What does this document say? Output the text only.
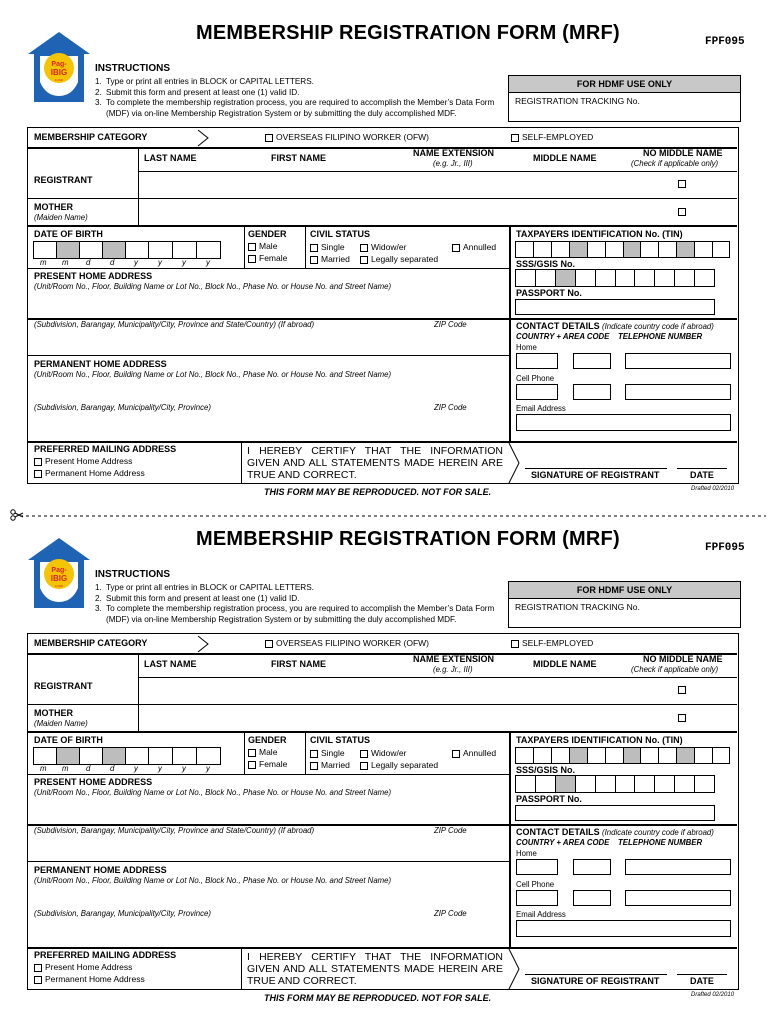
Pag-
IBIG
FUND
MEMBERSHIP REGISTRATION FORM (MRF)	FPF095
INSTRUCTIONS
1. Type or print all entries in BLOCK or CAPITAL LETTERS.
2. Submit this form and present at least one (1) valid ID.
3. To complete the membership registration process, you are required to accomplish the Member’s Data Form (MDF) via on-line Membership Registration System or by submitting the duly accomplished MDF.
FOR HDMF USE ONLY
REGISTRATION TRACKING No.
MEMBERSHIP CATEGORY	OVERSEAS FILIPINO WORKER (OFW)	SELF-EMPLOYED
LAST NAME	FIRST NAME	NAME EXTENSION
(e.g. Jr., III)
MIDDLE NAME	NO MIDDLE NAME
(Check if applicable only)
REGISTRANT
MOTHER
(Maiden Name)
DATE OF BIRTH
m m d	d	y	y	y	y
GENDER
Male
Female
CIVIL STATUS
Single	Widow/er	Annulled
Married	Legally separated
TAXPAYERS IDENTIFICATION No. (TIN)
SSS/GSIS No.
PASSPORT No.
PRESENT HOME ADDRESS
(Unit/Room No., Floor, Building Name or Lot No., Block No., Phase No. or House No. and Street Name)
(Subdivision, Barangay, Municipality/City, Province and State/Country) (If abroad)	ZIP Code	CONTACT DETAILS (Indicate country code if abroad)
COUNTRY + AREA CODE TELEPHONE NUMBER
Home
Cell Phone
Email Address
PERMANENT HOME ADDRESS
(Unit/Room No., Floor, Building Name or Lot No., Block No., Phase No. or House No. and Street Name)
(Subdivision, Barangay, Municipality/City, Province)	ZIP Code
PREFERRED MAILING ADDRESS
Present Home Address
Permanent Home Address
I HEREBY CERTIFY THAT THE INFORMATION GIVEN AND ALL STATEMENTS MADE HEREIN ARE TRUE AND CORRECT.	SIGNATURE OF REGISTRANT	DATE
THIS FORM MAY BE REPRODUCED. NOT FOR SALE.	Drafted 02/2010
Pag-
IBIG
FUND
MEMBERSHIP REGISTRATION FORM (MRF)	FPF095
INSTRUCTIONS
1. Type or print all entries in BLOCK or CAPITAL LETTERS.
2. Submit this form and present at least one (1) valid ID.
3. To complete the membership registration process, you are required to accomplish the Member’s Data Form (MDF) via on-line Membership Registration System or by submitting the duly accomplished MDF.
FOR HDMF USE ONLY
REGISTRATION TRACKING No.
MEMBERSHIP CATEGORY	OVERSEAS FILIPINO WORKER (OFW)	SELF-EMPLOYED
LAST NAME	FIRST NAME	NAME EXTENSION
(e.g. Jr., III)
MIDDLE NAME	NO MIDDLE NAME
(Check if applicable only)
REGISTRANT
MOTHER
(Maiden Name)
DATE OF BIRTH
m m d	d	y	y	y	y
GENDER
Male
Female
CIVIL STATUS
Single	Widow/er	Annulled
Married	Legally separated
TAXPAYERS IDENTIFICATION No. (TIN)
SSS/GSIS No.
PASSPORT No.
PRESENT HOME ADDRESS
(Unit/Room No., Floor, Building Name or Lot No., Block No., Phase No. or House No. and Street Name)
(Subdivision, Barangay, Municipality/City, Province and State/Country) (If abroad)	ZIP Code	CONTACT DETAILS (Indicate country code if abroad)
COUNTRY + AREA CODE TELEPHONE NUMBER
Home
Cell Phone
Email Address
PERMANENT HOME ADDRESS
(Unit/Room No., Floor, Building Name or Lot No., Block No., Phase No. or House No. and Street Name)
(Subdivision, Barangay, Municipality/City, Province)	ZIP Code
PREFERRED MAILING ADDRESS
Present Home Address
Permanent Home Address
I HEREBY CERTIFY THAT THE INFORMATION GIVEN AND ALL STATEMENTS MADE HEREIN ARE TRUE AND CORRECT.	SIGNATURE OF REGISTRANT	DATE
THIS FORM MAY BE REPRODUCED. NOT FOR SALE.	Drafted 02/2010
